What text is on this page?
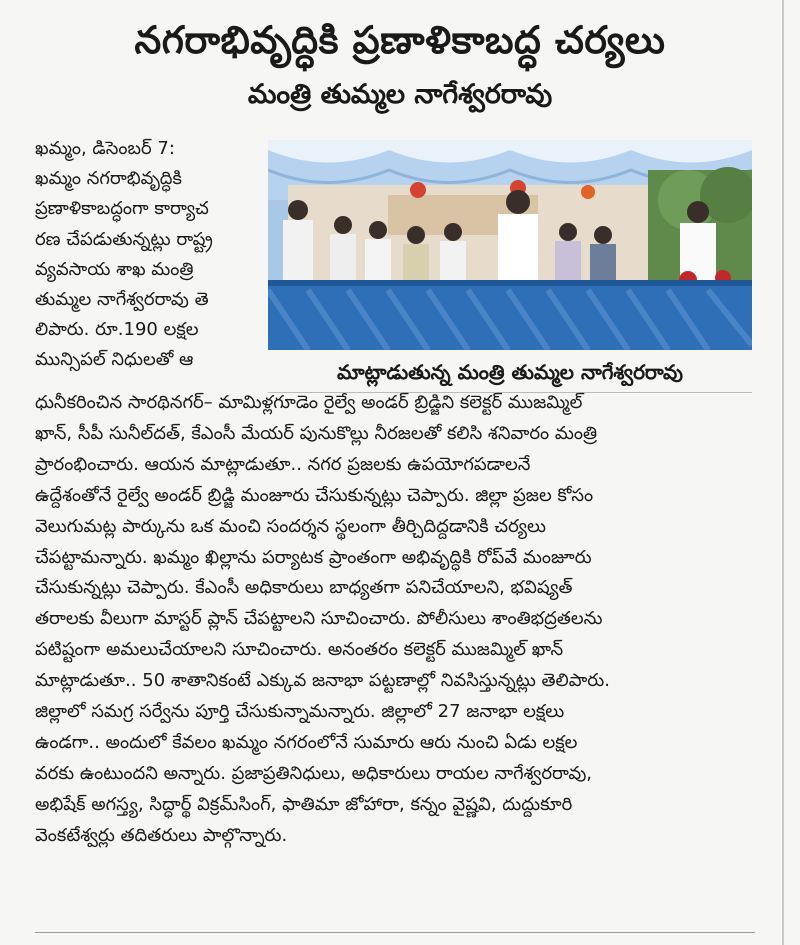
నగరాభివృద్ధికి ప్రణాళికాబద్ధ చర్యలు
మంత్రి తుమ్మల నాగేశ్వరరావు
ఖమ్మం, డిసెంబర్ 7:
ఖమ్మం నగరాభివృద్ధికి
ప్రణాళికాబద్ధంగా కార్యాచ
రణ చేపడుతున్నట్లు రాష్ట్ర
వ్యవసాయ శాఖ మంత్రి
తుమ్మల నాగేశ్వరరావు తె
లిపారు. రూ.190 లక్షల
మున్సిపల్ నిధులతో ఆ
మాట్లాడుతున్న మంత్రి తుమ్మల నాగేశ్వరరావు
ధునీకరించిన సారథినగర్– మామిళ్లగూడెం రైల్వే అండర్ బ్రిడ్జిని కలెక్టర్ ముజమ్మిల్
ఖాన్, సీపీ సునీల్‌దత్, కేఎంసీ మేయర్ పునుకొల్లు నీరజలతో కలిసి శనివారం మంత్రి
ప్రారంభించారు. ఆయన మాట్లాడుతూ.. నగర ప్రజలకు ఉపయోగపడాలనే
ఉద్దేశంతోనే రైల్వే అండర్ బ్రిడ్జి మంజూరు చేసుకున్నట్లు చెప్పారు. జిల్లా ప్రజల కోసం
వెలుగుమట్ల పార్కును ఒక మంచి సందర్శన స్థలంగా తీర్చిదిద్దడానికి చర్యలు
చేపట్టామన్నారు. ఖమ్మం ఖిల్లాను పర్యాటక ప్రాంతంగా అభివృద్ధికి రోప్‌వే మంజూరు
చేసుకున్నట్లు చెప్పారు. కేఎంసీ అధికారులు బాధ్యతగా పనిచేయాలని, భవిష్యత్
తరాలకు వీలుగా మాస్టర్ ప్లాన్ చేపట్టాలని సూచించారు. పోలీసులు శాంతిభద్రతలను
పటిష్టంగా అమలుచేయాలని సూచించారు. అనంతరం కలెక్టర్ ముజమ్మిల్ ఖాన్
మాట్లాడుతూ.. 50 శాతానికంటే ఎక్కువ జనాభా పట్టణాల్లో నివసిస్తున్నట్లు తెలిపారు.
జిల్లాలో సమగ్ర సర్వేను పూర్తి చేసుకున్నామన్నారు. జిల్లాలో 27 జనాభా లక్షలు
ఉండగా.. అందులో కేవలం ఖమ్మం నగరంలోనే సుమారు ఆరు నుంచి ఏడు లక్షల
వరకు ఉంటుందని అన్నారు. ప్రజాప్రతినిధులు, అధికారులు రాయల నాగేశ్వరరావు,
అభిషేక్ అగస్త్య, సిద్ధార్థ్ విక్రమ్‌సింగ్, ఫాతిమా జోహారా, కన్నం వైష్ణవి, దుద్దుకూరి
వెంకటేశ్వర్లు తదితరులు పాల్గొన్నారు.
